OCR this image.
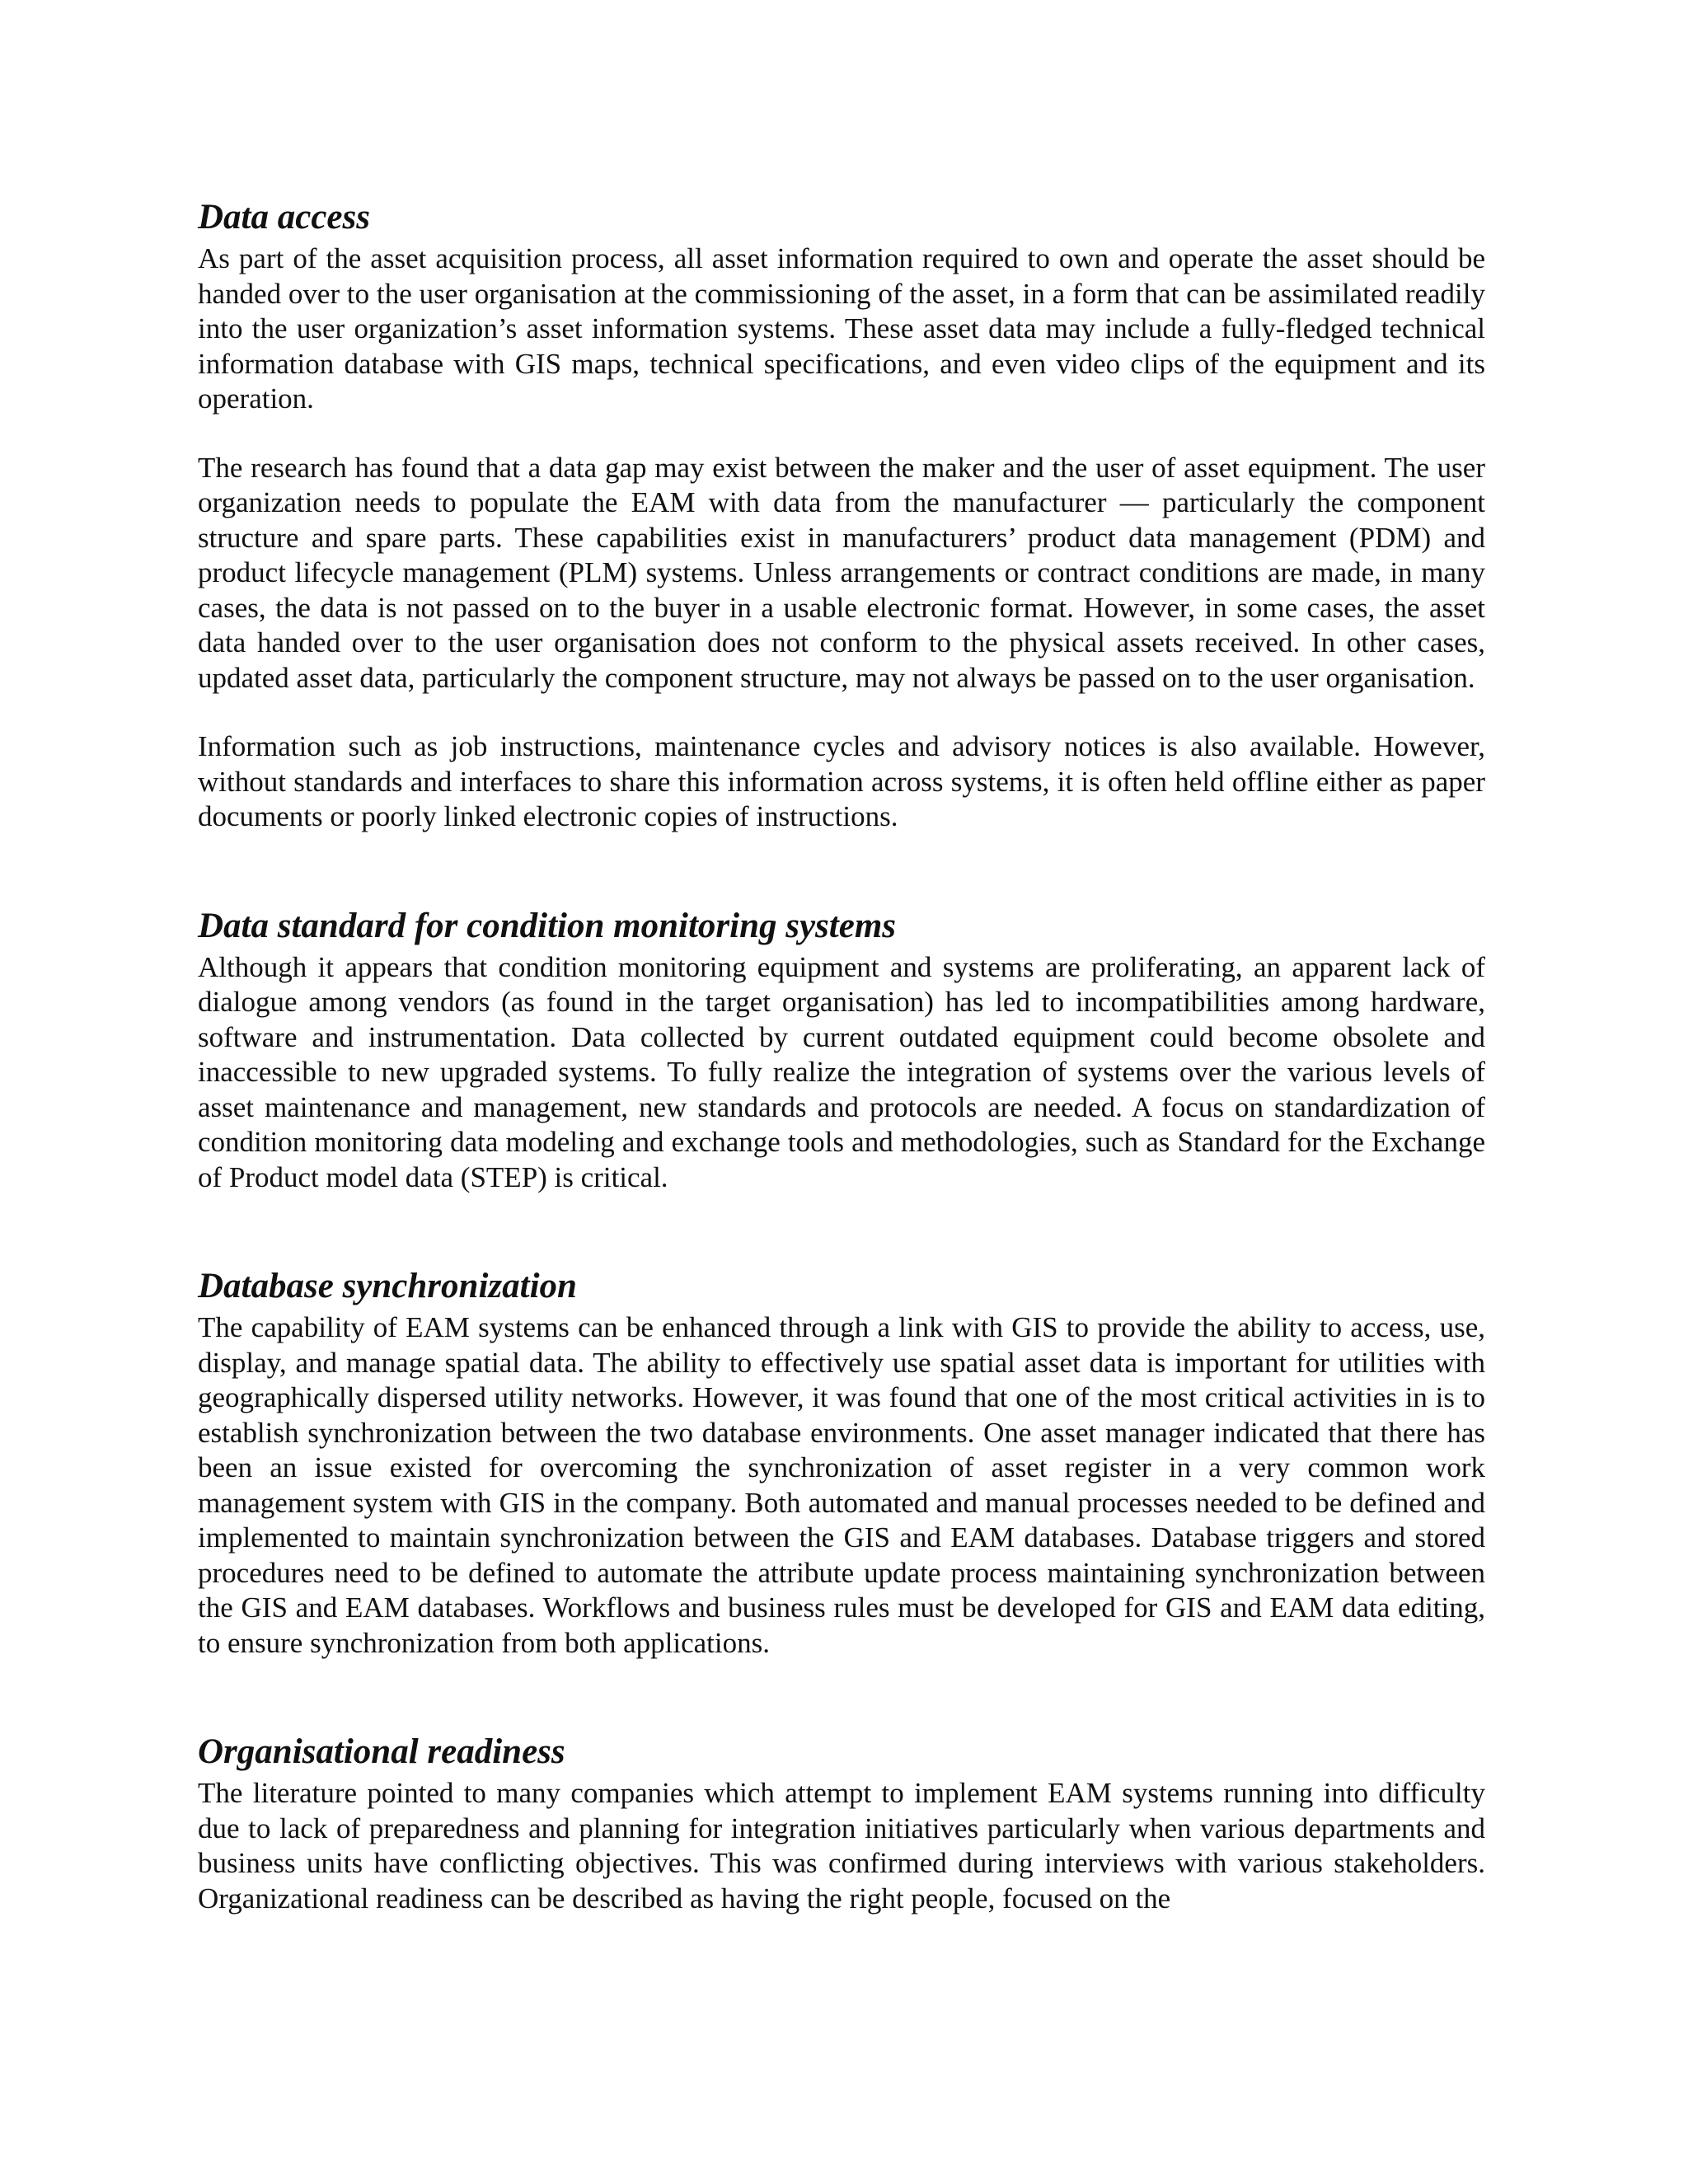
Data access

As part of the asset acquisition process, all asset information required to own and operate the asset should be handed over to the user organisation at the commissioning of the asset, in a form that can be assimilated readily into the user organization’s asset information systems. These asset data may include a fully-fledged technical information database with GIS maps, technical specifications, and even video clips of the equipment and its operation.

The research has found that a data gap may exist between the maker and the user of asset equipment. The user organization needs to populate the EAM with data from the manufacturer — particularly the component structure and spare parts. These capabilities exist in manufacturers’ product data management (PDM) and product lifecycle management (PLM) systems. Unless arrangements or contract conditions are made, in many cases, the data is not passed on to the buyer in a usable electronic format. However, in some cases, the asset data handed over to the user organisation does not conform to the physical assets received. In other cases, updated asset data, particularly the component structure, may not always be passed on to the user organisation.

Information such as job instructions, maintenance cycles and advisory notices is also available. However, without standards and interfaces to share this information across systems, it is often held offline either as paper documents or poorly linked electronic copies of instructions.

Data standard for condition monitoring systems

Although it appears that condition monitoring equipment and systems are proliferating, an apparent lack of dialogue among vendors (as found in the target organisation) has led to incompatibilities among hardware, software and instrumentation. Data collected by current outdated equipment could become obsolete and inaccessible to new upgraded systems. To fully realize the integration of systems over the various levels of asset maintenance and management, new standards and protocols are needed. A focus on standardization of condition monitoring data modeling and exchange tools and methodologies, such as Standard for the Exchange of Product model data (STEP) is critical.

Database synchronization

The capability of EAM systems can be enhanced through a link with GIS to provide the ability to access, use, display, and manage spatial data. The ability to effectively use spatial asset data is important for utilities with geographically dispersed utility networks. However, it was found that one of the most critical activities in is to establish synchronization between the two database environments. One asset manager indicated that there has been an issue existed for overcoming the synchronization of asset register in a very common work management system with GIS in the company. Both automated and manual processes needed to be defined and implemented to maintain synchronization between the GIS and EAM databases. Database triggers and stored procedures need to be defined to automate the attribute update process maintaining synchronization between the GIS and EAM databases. Workflows and business rules must be developed for GIS and EAM data editing, to ensure synchronization from both applications.

Organisational readiness

The literature pointed to many companies which attempt to implement EAM systems running into difficulty due to lack of preparedness and planning for integration initiatives particularly when various departments and business units have conflicting objectives. This was confirmed during interviews with various stakeholders. Organizational readiness can be described as having the right people, focused on the
